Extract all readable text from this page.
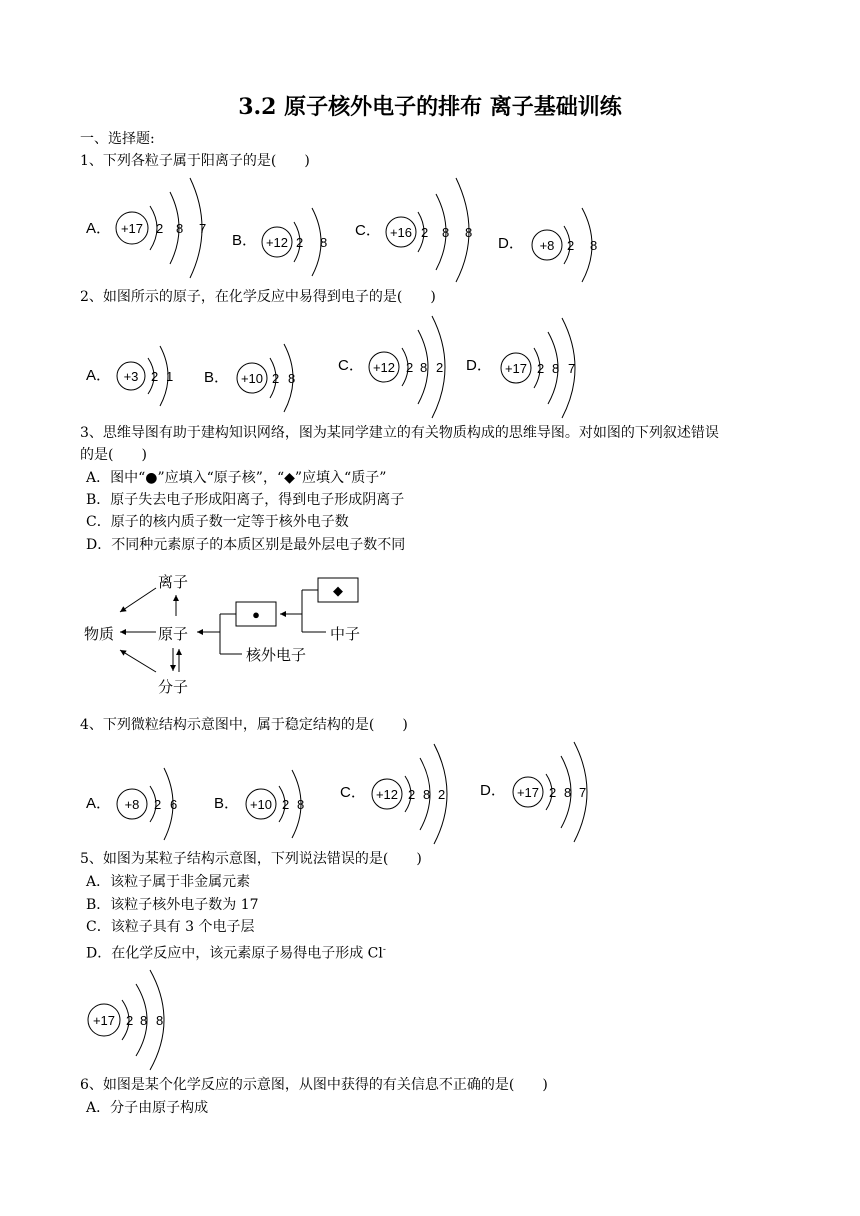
3.2 原子核外电子的排布 离子基础训练
一、选择题:
1、下列各粒子属于阳离子的是(　　)
A． +17 2 8 7
B． +12 2 8
C． +16 2 8 8
D． +8 2 8
2、如图所示的原子，在化学反应中易得到电子的是(　　)
A． +3 2 1 B． +10 2 8
C． +12 2 8 2 D． +17 2 8 7
3、思维导图有助于建构知识网络，图为某同学建立的有关物质构成的思维导图。对如图的下列叙述错误
的是(　　)
A．图中“●”应填入“原子核”，“◆”应填入“质子”
B．原子失去电子形成阳离子，得到电子形成阴离子
C．原子的核内质子数一定等于核外电子数
D．不同种元素原子的本质区别是最外层电子数不同
离子
物质	原子
分子
核外电子
中子
●
◆
4、下列微粒结构示意图中，属于稳定结构的是(　　)
A． +8 2 6 B． +10 2 8
C． +12 2 8 2 D． +17 2 8 7
5、如图为某粒子结构示意图，下列说法错误的是(　　)
A．该粒子属于非金属元素
B．该粒子核外电子数为 17
C．该粒子具有 3 个电子层
D．在化学反应中，该元素原子易得电子形成 Cl-
+17 2 8 8
6、如图是某个化学反应的示意图，从图中获得的有关信息不正确的是(　　)
A．分子由原子构成
